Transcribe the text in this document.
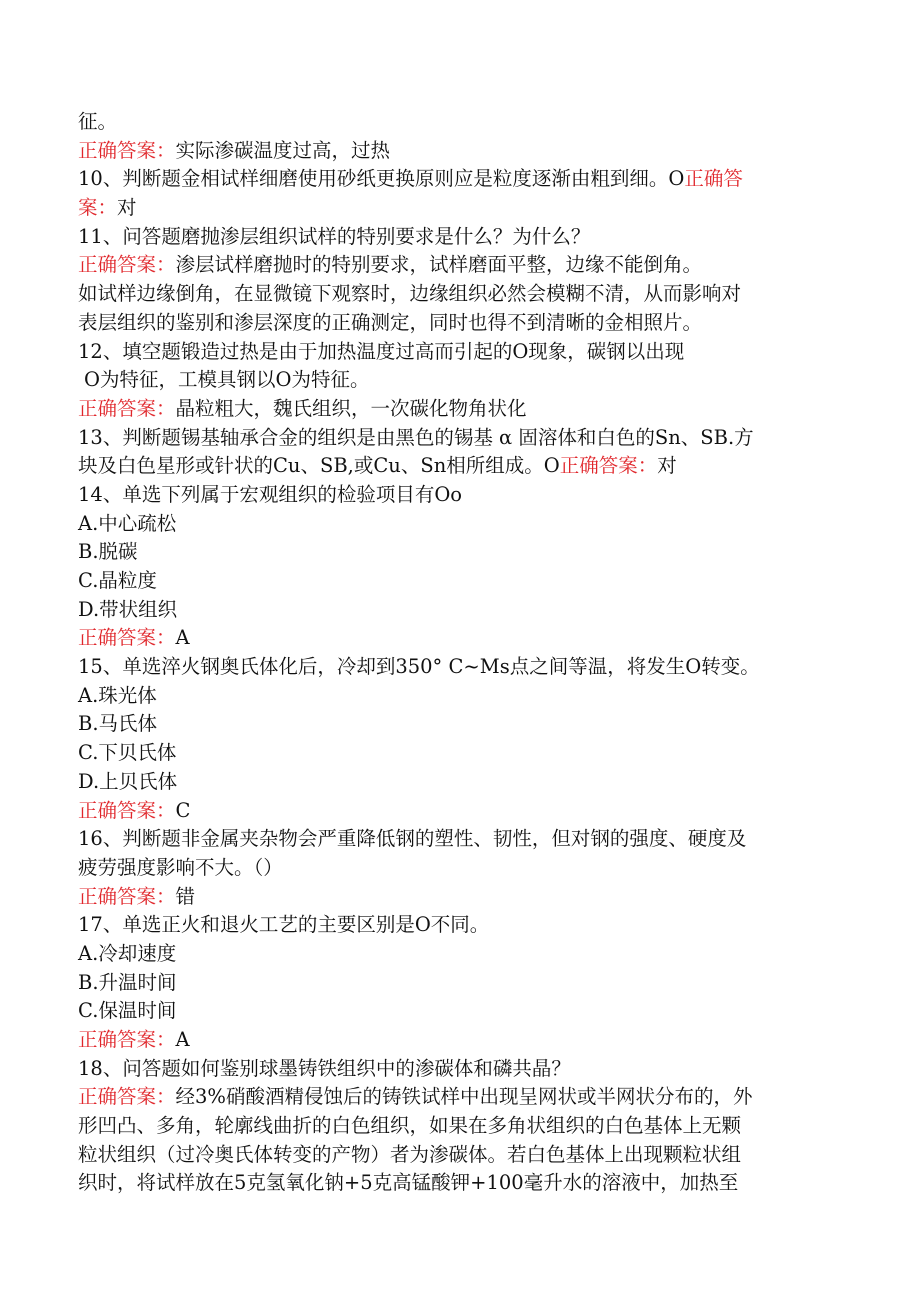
征。
正确答案：实际渗碳温度过高，过热
10、判断题金相试样细磨使用砂纸更换原则应是粒度逐渐由粗到细。O正确答
案：对
11、问答题磨抛渗层组织试样的特别要求是什么？为什么？
正确答案：渗层试样磨抛时的特别要求，试样磨面平整，边缘不能倒角。
如试样边缘倒角，在显微镜下观察时，边缘组织必然会模糊不清，从而影响对
表层组织的鉴别和渗层深度的正确测定，同时也得不到清晰的金相照片。
12、填空题锻造过热是由于加热温度过高而引起的O现象，碳钢以出现
O为特征，工模具钢以O为特征。
正确答案：晶粒粗大，魏氏组织，一次碳化物角状化
13、判断题锡基轴承合金的组织是由黑色的锡基 α 固溶体和白色的Sn、SB.方
块及白色星形或针状的Cu、SB,或Cu、Sn相所组成。O正确答案：对
14、单选下列属于宏观组织的检验项目有Oo
A.中心疏松
B.脱碳
C.晶粒度
D.带状组织
正确答案：A
15、单选淬火钢奥氏体化后，冷却到350° C~Ms点之间等温，将发生O转变。
A.珠光体
B.马氏体
C.下贝氏体
D.上贝氏体
正确答案：C
16、判断题非金属夹杂物会严重降低钢的塑性、韧性，但对钢的强度、硬度及
疲劳强度影响不大。（）
正确答案：错
17、单选正火和退火工艺的主要区别是O不同。
A.冷却速度
B.升温时间
C.保温时间
正确答案：A
18、问答题如何鉴别球墨铸铁组织中的渗碳体和磷共晶？
正确答案：经3%硝酸酒精侵蚀后的铸铁试样中出现呈网状或半网状分布的，外
形凹凸、多角，轮廓线曲折的白色组织，如果在多角状组织的白色基体上无颗
粒状组织（过冷奥氏体转变的产物）者为渗碳体。若白色基体上出现颗粒状组
织时，将试样放在5克氢氧化钠+5克高锰酸钾+100毫升水的溶液中，加热至
